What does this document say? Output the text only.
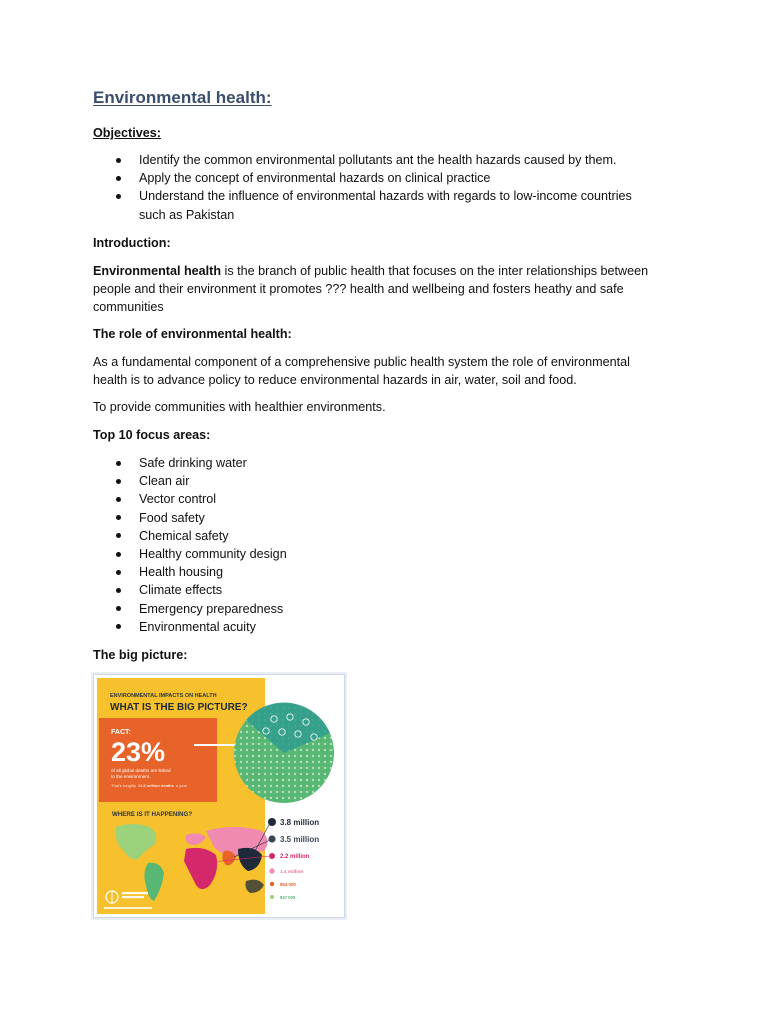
Environmental health:

Objectives:

Identify the common environmental pollutants ant the health hazards caused by them.
Apply the concept of environmental hazards on clinical practice
Understand the influence of environmental hazards with regards to low-income countries
such as Pakistan

Introduction:

Environmental health is the branch of public health that focuses on the inter relationships between
people and their environment it promotes ??? health and wellbeing and fosters heathy and safe
communities

The role of environmental health:

As a fundamental component of a comprehensive public health system the role of environmental
health is to advance policy to reduce environmental hazards in air, water, soil and food.

To provide communities with healthier environments.

Top 10 focus areas:

Safe drinking water
Clean air
Vector control
Food safety
Chemical safety
Healthy community design
Health housing
Climate effects
Emergency preparedness
Environmental acuity

The big picture:

ENVIRONMENTAL IMPACTS ON HEALTH
WHAT IS THE BIG PICTURE?
FACT:
23%
of all global deaths are linked
to the environment.
That's roughly 12.6 million deaths a year
WHERE IS IT HAPPENING?
3.8 million
3.5 million
2.2 million
1.4 million
854 000
847 000
